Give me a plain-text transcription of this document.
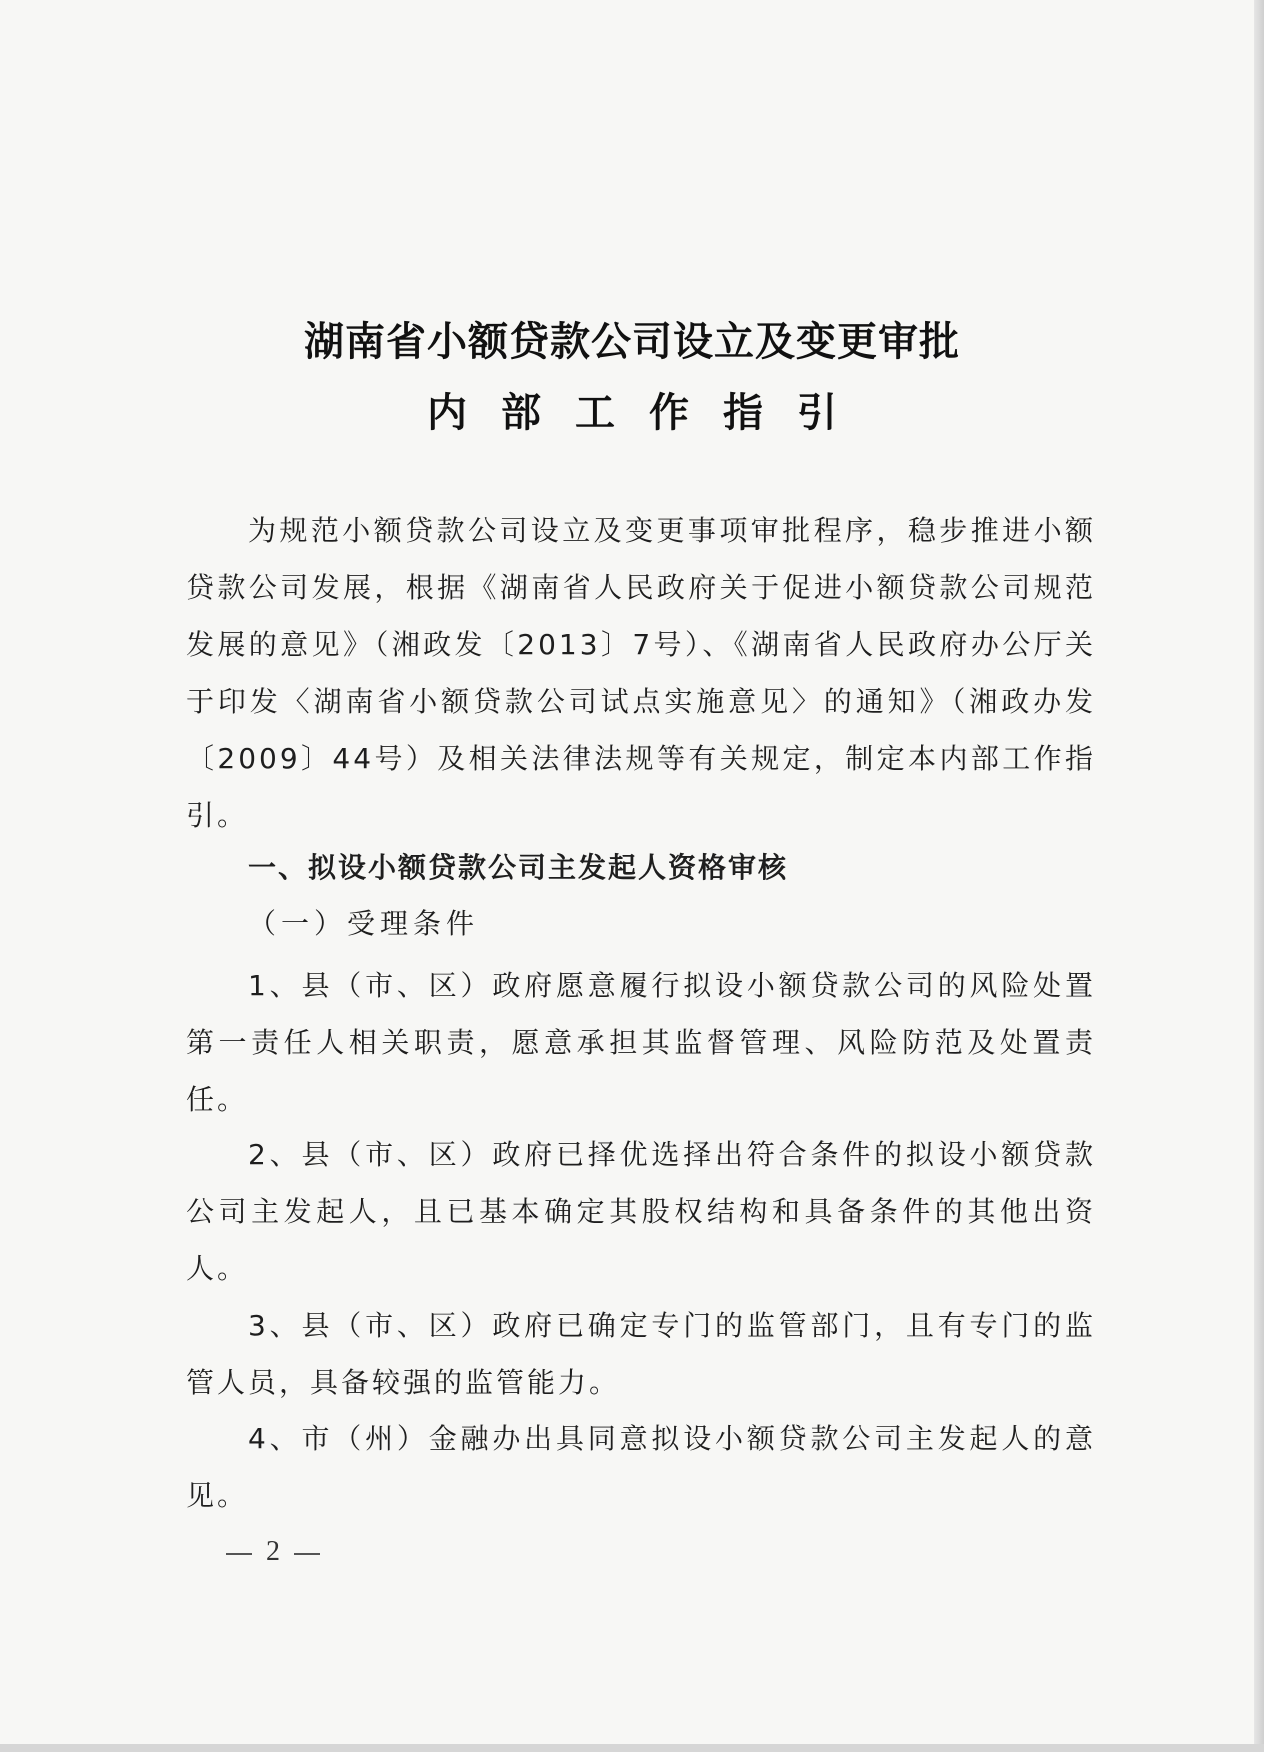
湖南省小额贷款公司设立及变更审批
内部工作指引

为规范小额贷款公司设立及变更事项审批程序，稳步推进小额贷款公司发展，根据《湖南省人民政府关于促进小额贷款公司规范发展的意见》（湘政发〔2013〕7号）、《湖南省人民政府办公厅关于印发〈湖南省小额贷款公司试点实施意见〉的通知》（湘政办发〔2009〕44号）及相关法律法规等有关规定，制定本内部工作指引。

一、拟设小额贷款公司主发起人资格审核

（一）受理条件

1、县（市、区）政府愿意履行拟设小额贷款公司的风险处置第一责任人相关职责，愿意承担其监督管理、风险防范及处置责任。

2、县（市、区）政府已择优选择出符合条件的拟设小额贷款公司主发起人，且已基本确定其股权结构和具备条件的其他出资人。

3、县（市、区）政府已确定专门的监管部门，且有专门的监管人员，具备较强的监管能力。

4、市（州）金融办出具同意拟设小额贷款公司主发起人的意见。

2
